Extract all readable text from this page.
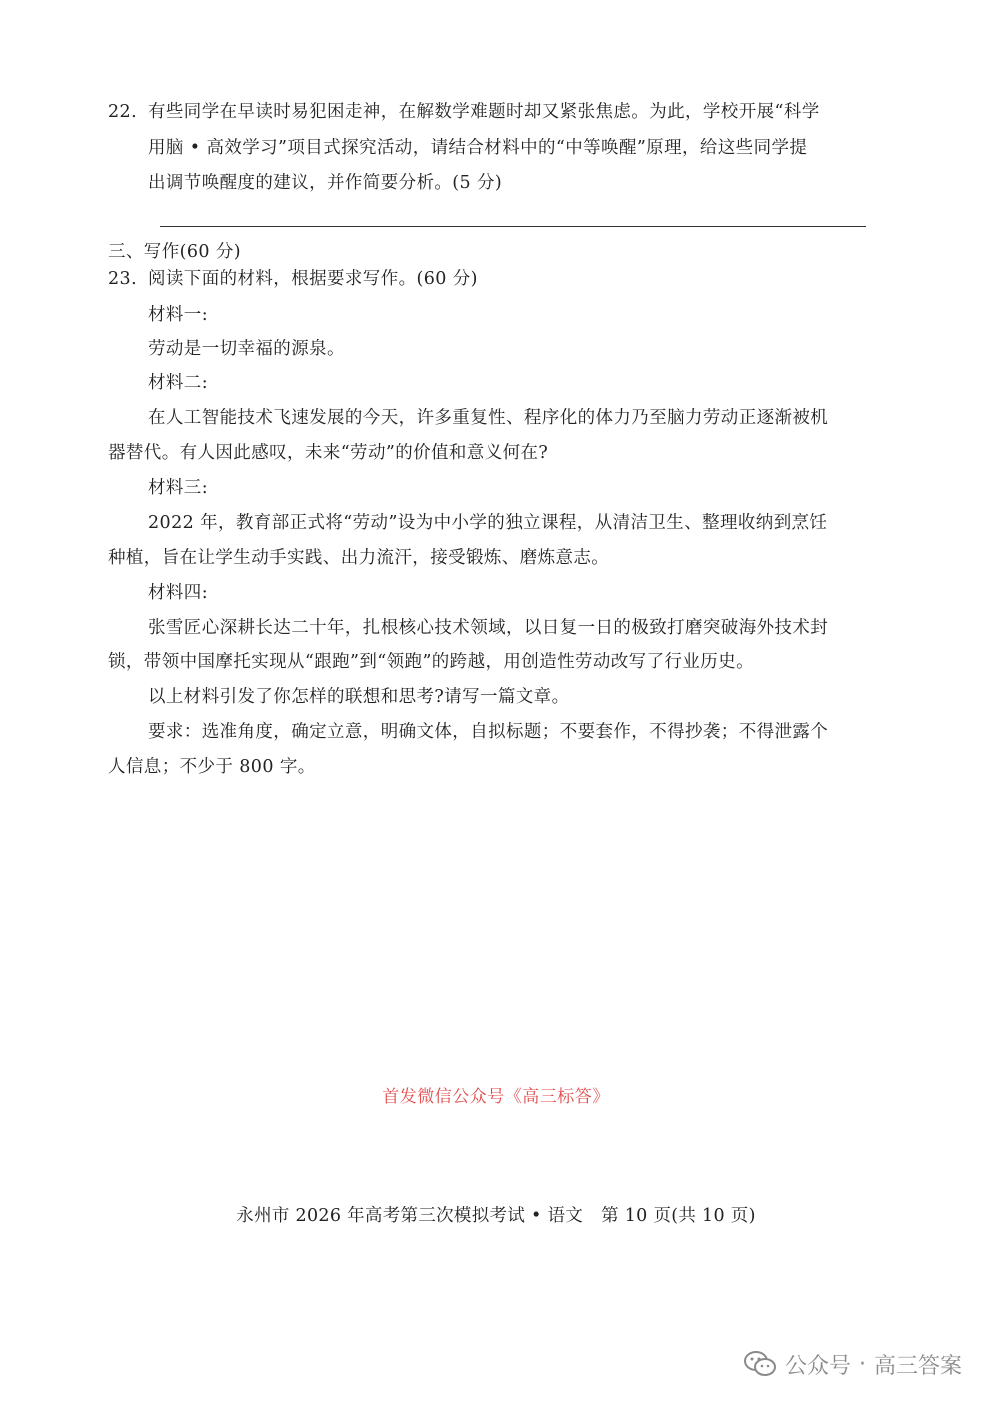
22. 有些同学在早读时易犯困走神，在解数学难题时却又紧张焦虑。为此，学校开展“科学
用脑 • 高效学习”项目式探究活动，请结合材料中的“中等唤醒”原理，给这些同学提
出调节唤醒度的建议，并作简要分析。(5 分)
三、写作(60 分)
23. 阅读下面的材料，根据要求写作。(60 分)
材料一:
劳动是一切幸福的源泉。
材料二:
在人工智能技术飞速发展的今天，许多重复性、程序化的体力乃至脑力劳动正逐渐被机
器替代。有人因此感叹，未来“劳动”的价值和意义何在?
材料三:
2022 年，教育部正式将“劳动”设为中小学的独立课程，从清洁卫生、整理收纳到烹饪
种植，旨在让学生动手实践、出力流汗，接受锻炼、磨炼意志。
材料四:
张雪匠心深耕长达二十年，扎根核心技术领域，以日复一日的极致打磨突破海外技术封
锁，带领中国摩托实现从“跟跑”到“领跑”的跨越，用创造性劳动改写了行业历史。
以上材料引发了你怎样的联想和思考?请写一篇文章。
要求：选准角度，确定立意，明确文体，自拟标题；不要套作，不得抄袭；不得泄露个
人信息；不少于 800 字。
首发微信公众号《高三标答》
永州市 2026 年高考第三次模拟考试 • 语文 第 10 页(共 10 页)
公众号 · 高三答案
